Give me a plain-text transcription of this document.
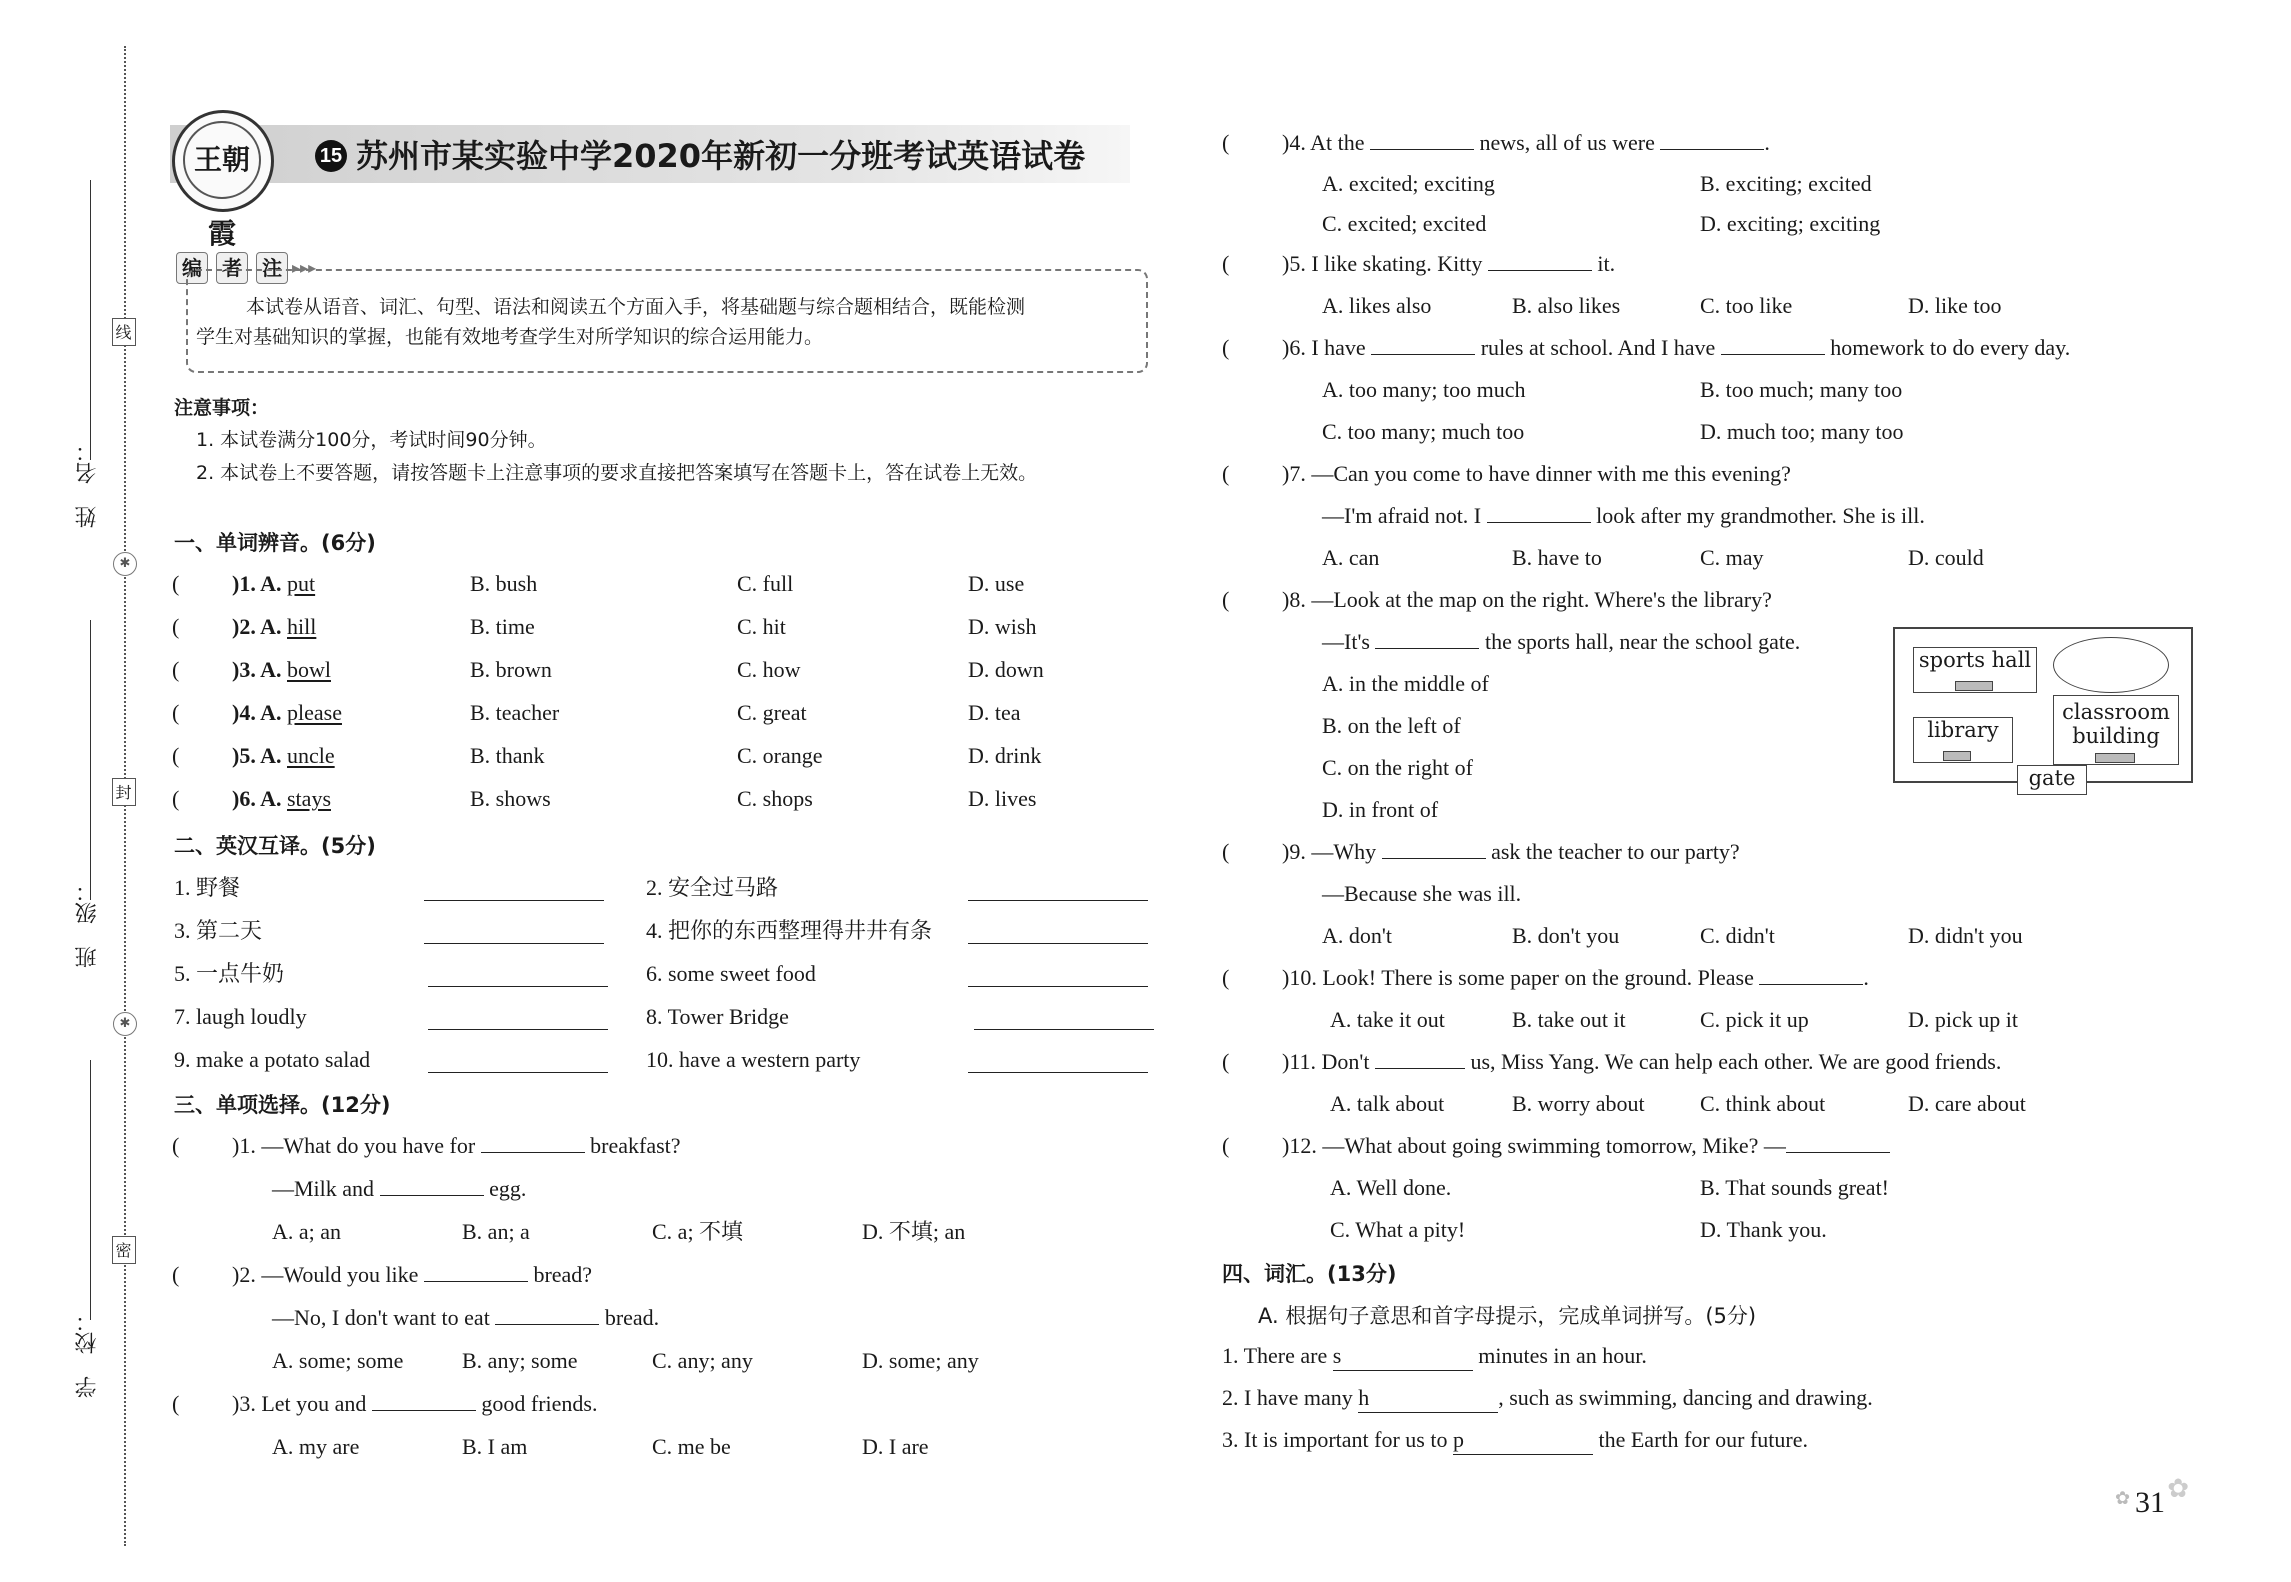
姓　名：
班　级：
学　校：
线
封
密
✱
✱
王朝霞
15 苏州市某实验中学2020年新初一分班考试英语试卷
编	者	注 ▸▸▸
本试卷从语音、词汇、句型、语法和阅读五个方面入手，将基础题与综合题相结合，既能检测
学生对基础知识的掌握，也能有效地考查学生对所学知识的综合运用能力。
注意事项：
1. 本试卷满分100分，考试时间90分钟。
2. 本试卷上不要答题，请按答题卡上注意事项的要求直接把答案填写在答题卡上，答在试卷上无效。
一、单词辨音。(6分)
( )1. A. put	B. bush	C. full	D. use
( )2. A. hill	B. time	C. hit	D. wish
( )3. A. bowl	B. brown	C. how	D. down
( )4. A. please	B. teacher	C. great	D. tea
( )5. A. uncle	B. thank	C. orange	D. drink
( )6. A. stays	B. shows	C. shops	D. lives
二、英汉互译。(5分)
1. 野餐	2. 安全过马路
3. 第二天	4. 把你的东西整理得井井有条
5. 一点牛奶	6. some sweet food
7. laugh loudly	8. Tower Bridge
9. make a potato salad	10. have a western party
三、单项选择。(12分)
( )1. —What do you have for	breakfast?
—Milk and	egg.
A. a; an	B. an; a	C. a; 不填	D. 不填; an
( )2. —Would you like	bread?
—No, I don't want to eat	bread.
A. some; some	B. any; some	C. any; any	D. some; any
( )3. Let you and	good friends.
A. my are	B. I am	C. me be	D. I are
( )4. At the	news, all of us were	.
A. excited; exciting	B. exciting; excited
C. excited; excited	D. exciting; exciting
( )5. I like skating. Kitty	it.
A. likes also	B. also likes	C. too like	D. like too
( )6. I have	rules at school. And I have	homework to do every day.
A. too many; too much	B. too much; many too
C. too many; much too	D. much too; many too
( )7. —Can you come to have dinner with me this evening?
—I'm afraid not. I	look after my grandmother. She is ill.
A. can	B. have to	C. may	D. could
( )8. —Look at the map on the right. Where's the library?
—It's	the sports hall, near the school gate.
A. in the middle of
B. on the left of
C. on the right of
D. in front of
sports hall
library
classroom
building
gate
( )9. —Why	ask the teacher to our party?
—Because she was ill.
A. don't	B. don't you	C. didn't	D. didn't you
( )10. Look! There is some paper on the ground. Please	.
A. take it out	B. take out it	C. pick it up	D. pick up it
( )11. Don't	us, Miss Yang. We can help each other. We are good friends.
A. talk about	B. worry about	C. think about	D. care about
( )12. —What about going swimming tomorrow, Mike? —
A. Well done.	B. That sounds great!
C. What a pity!	D. Thank you.
四、词汇。(13分)
A. 根据句子意思和首字母提示，完成单词拼写。(5分)
1. There are s	minutes in an hour.
2. I have many h	, such as swimming, dancing and drawing.
3. It is important for us to p	the Earth for our future.
✿ 31 ✿
